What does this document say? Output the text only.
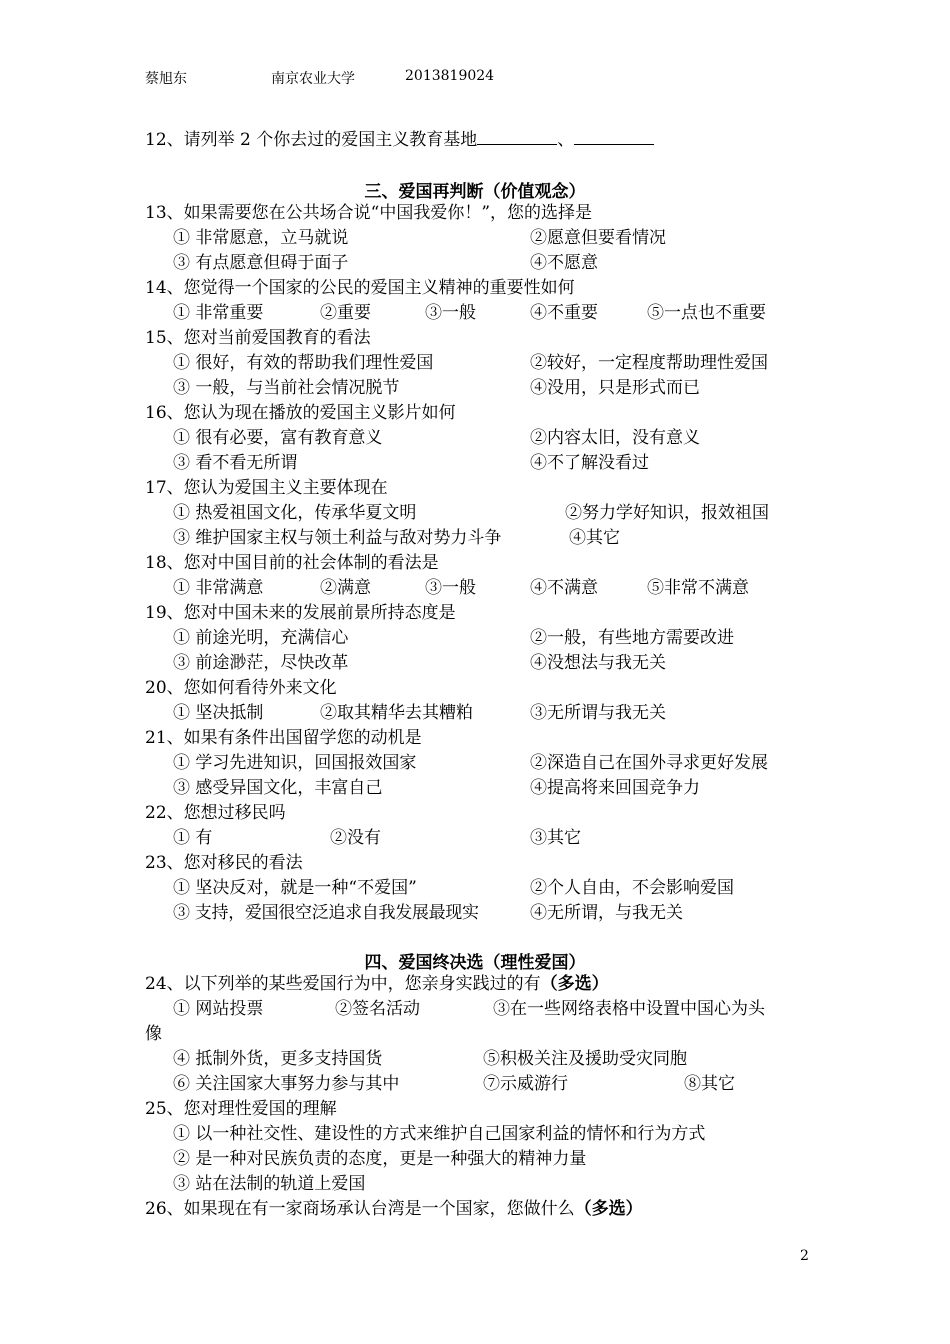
蔡旭东	南京农业大学	2013819024
12、请列举 2 个你去过的爱国主义教育基地	、
三、爱国再判断（价值观念）
13、如果需要您在公共场合说“中国我爱你！”，您的选择是
① 非常愿意，立马就说	②愿意但要看情况
③ 有点愿意但碍于面子	④不愿意
14、您觉得一个国家的公民的爱国主义精神的重要性如何
① 非常重要	②重要	③一般	④不重要	⑤一点也不重要
15、您对当前爱国教育的看法
① 很好，有效的帮助我们理性爱国	②较好，一定程度帮助理性爱国
③ 一般，与当前社会情况脱节	④没用，只是形式而已
16、您认为现在播放的爱国主义影片如何
① 很有必要，富有教育意义	②内容太旧，没有意义
③ 看不看无所谓	④不了解没看过
17、您认为爱国主义主要体现在
① 热爱祖国文化，传承华夏文明	②努力学好知识，报效祖国
③ 维护国家主权与领土利益与敌对势力斗争	④其它
18、您对中国目前的社会体制的看法是
① 非常满意	②满意	③一般	④不满意	⑤非常不满意
19、您对中国未来的发展前景所持态度是
① 前途光明，充满信心	②一般，有些地方需要改进
③ 前途渺茫，尽快改革	④没想法与我无关
20、您如何看待外来文化
① 坚决抵制	②取其精华去其糟粕	③无所谓与我无关
21、如果有条件出国留学您的动机是
① 学习先进知识，回国报效国家	②深造自己在国外寻求更好发展
③ 感受异国文化，丰富自己	④提高将来回国竞争力
22、您想过移民吗
① 有	②没有	③其它
23、您对移民的看法
① 坚决反对，就是一种“不爱国”	②个人自由，不会影响爱国
③ 支持，爱国很空泛追求自我发展最现实	④无所谓，与我无关
四、爱国终决选（理性爱国）
24、以下列举的某些爱国行为中，您亲身实践过的有（多选）
① 网站投票	②签名活动	③在一些网络表格中设置中国心为头
像
④ 抵制外货，更多支持国货	⑤积极关注及援助受灾同胞
⑥ 关注国家大事努力参与其中	⑦示威游行	⑧其它
25、您对理性爱国的理解
① 以一种社交性、建设性的方式来维护自己国家利益的情怀和行为方式
② 是一种对民族负责的态度，更是一种强大的精神力量
③ 站在法制的轨道上爱国
26、如果现在有一家商场承认台湾是一个国家，您做什么（多选）
2
